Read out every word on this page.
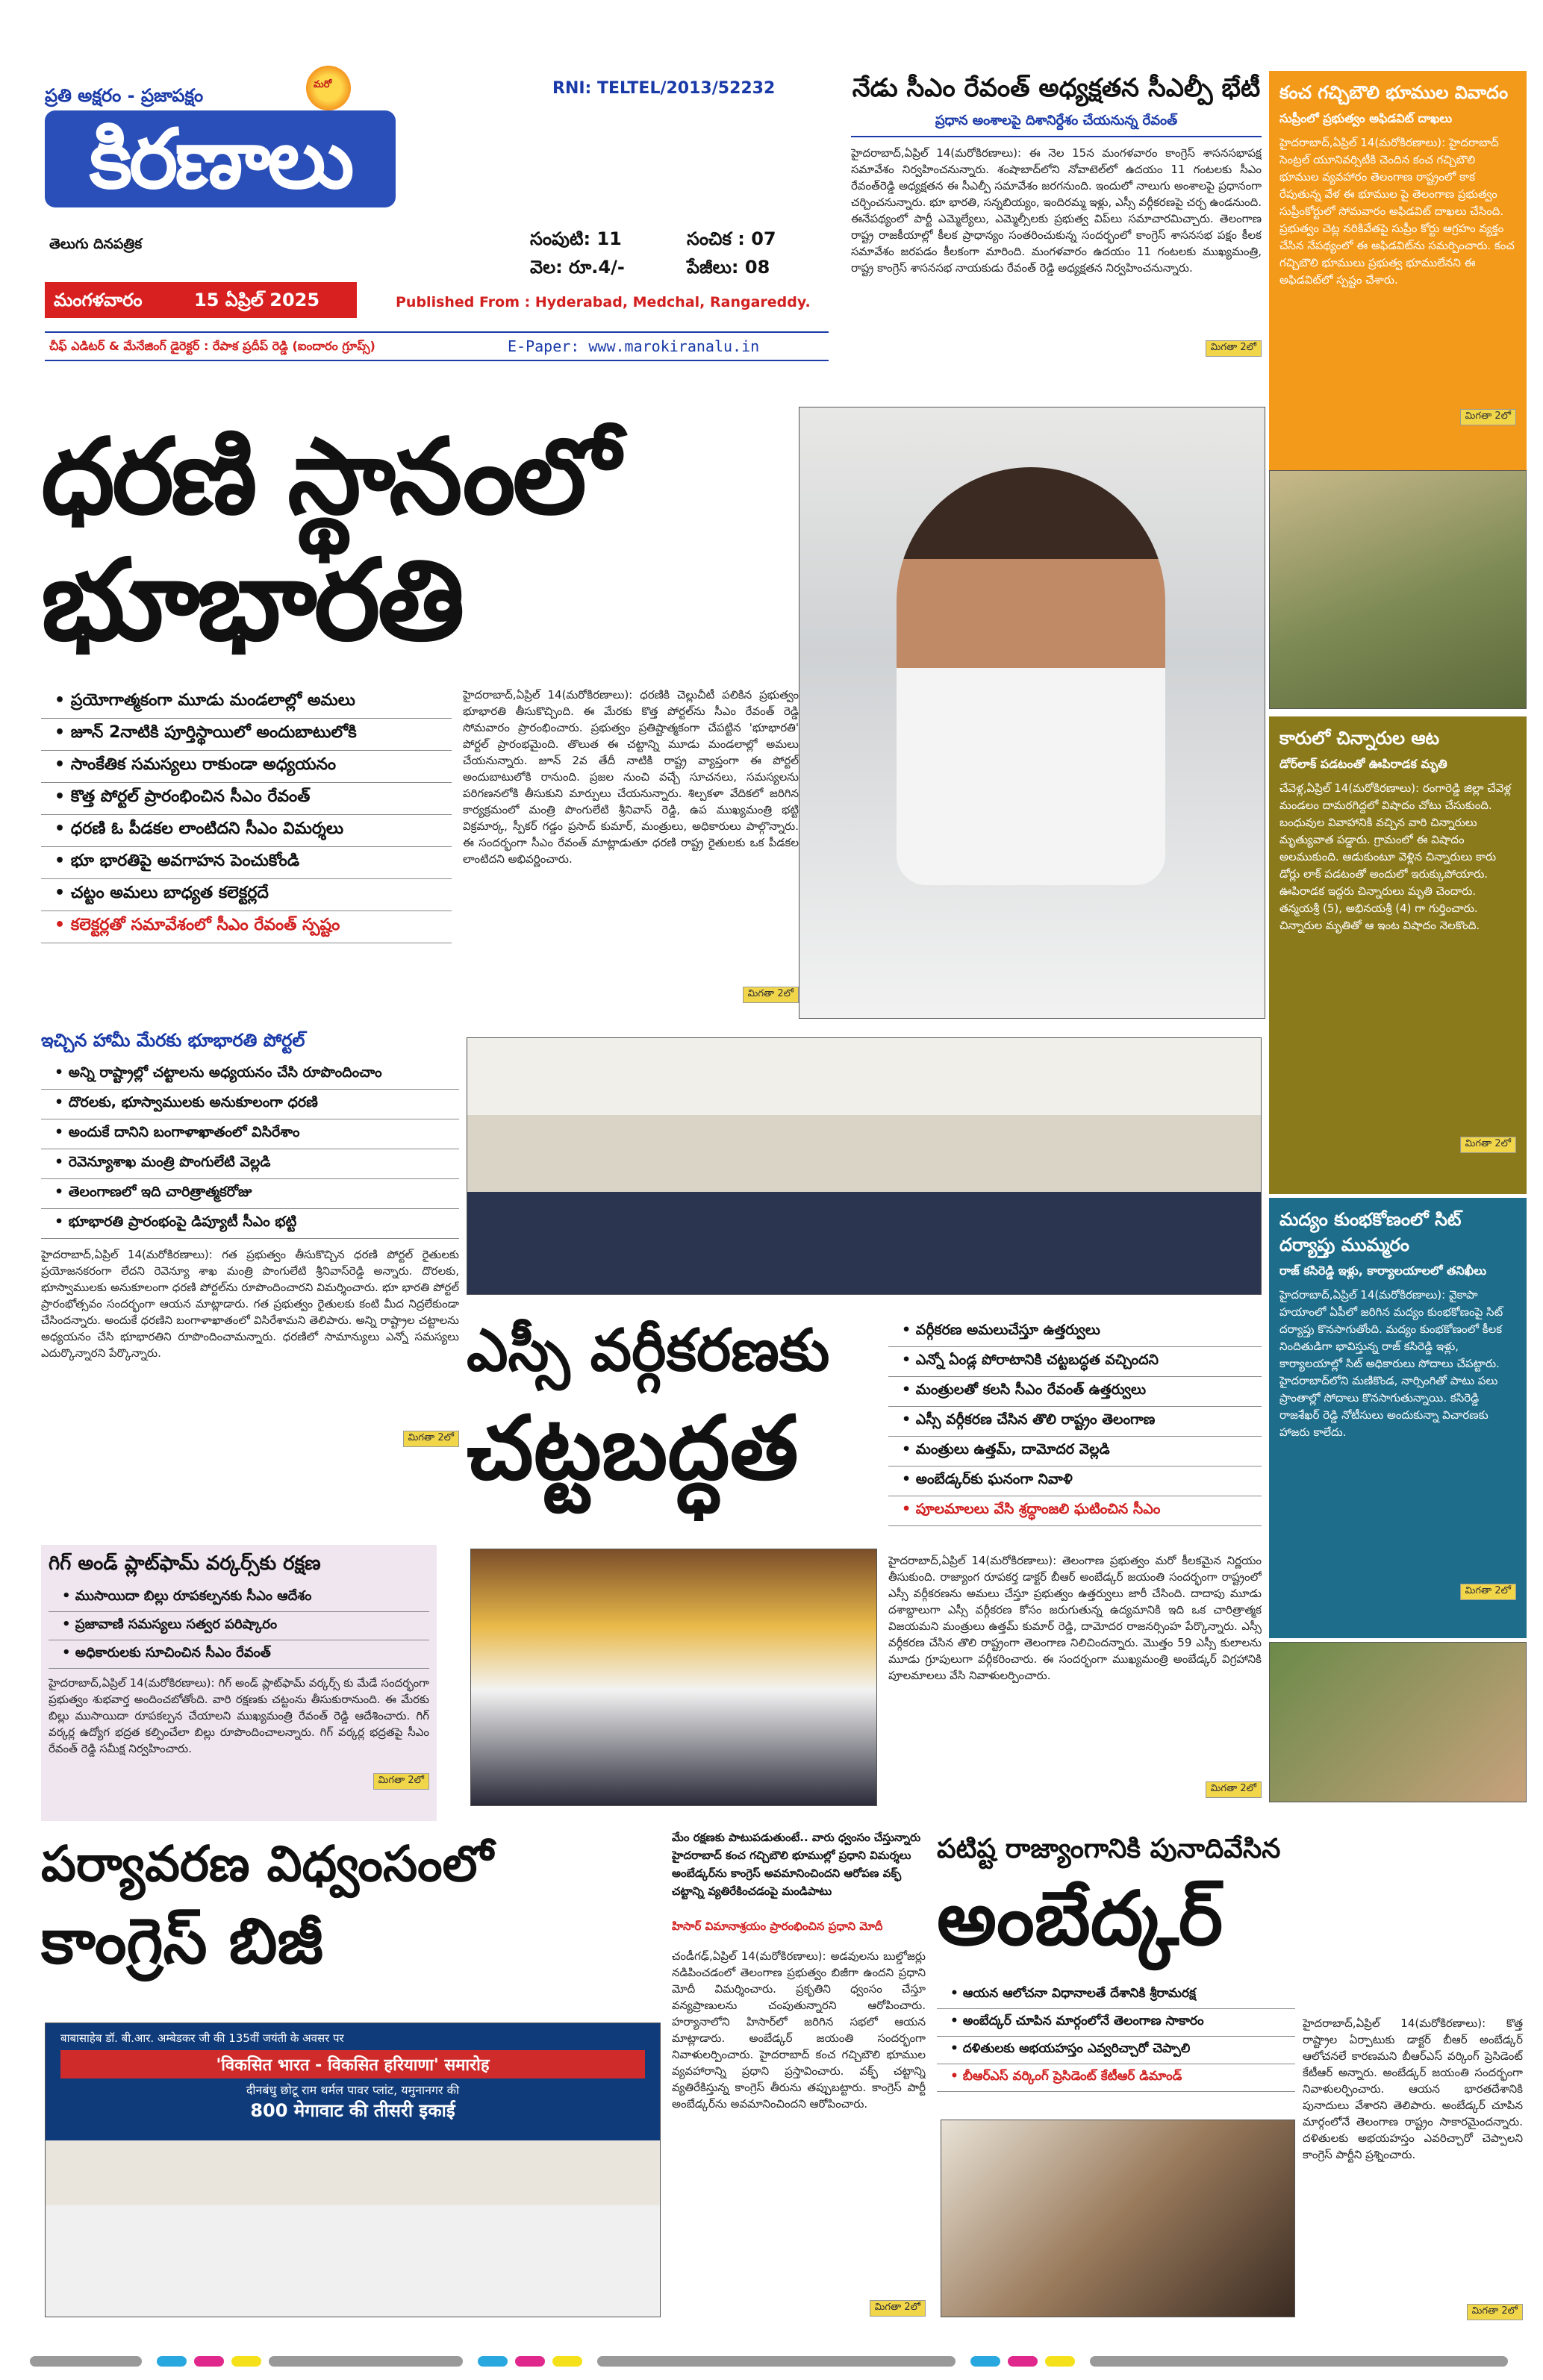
ప్రతి అక్షరం - ప్రజాపక్షం
మరో
కిరణాలు
తెలుగు దినపత్రిక
RNI: TELTEL/2013/52232
సంపుటి: 11	సంచిక : 07
వెల: రూ.4/-	పేజీలు: 08
మంగళవారం	15 ఏప్రిల్ 2025	Published From : Hyderabad, Medchal, Rangareddy.
చీఫ్ ఎడిటర్ & మేనేజింగ్ డైరెక్టర్ : రేపాక ప్రదీప్ రెడ్డి (ఐందారం గ్రూప్స్)	E-Paper: www.marokiranalu.in
నేడు సీఎం రేవంత్ అధ్యక్షతన సీఎల్పీ భేటీ
ప్రధాన అంశాలపై దిశానిర్దేశం చేయనున్న రేవంత్
హైదరాబాద్,ఏప్రిల్ 14(మరోకిరణాలు): ఈ నెల 15న మంగళవారం కాంగ్రెస్ శాసనసభాపక్ష సమావేశం నిర్వహించనున్నారు. శంషాబాద్‌లోని నోవాటెల్‌లో ఉదయం 11 గంటలకు సీఎం రేవంత్‌రెడ్డి అధ్యక్షతన ఈ సీఎల్పీ సమావేశం జరగనుంది. ఇందులో నాలుగు అంశాలపై ప్రధానంగా చర్చించనున్నారు. భూ భారతి, సన్నబియ్యం, ఇందిరమ్మ ఇళ్లు, ఎస్సీ వర్గీకరణపై చర్చ ఉండనుంది. ఈనేపథ్యంలో పార్టీ ఎమ్మెల్యేలు, ఎమ్మెల్సీలకు ప్రభుత్వ విప్‌లు సమాచారమిచ్చారు. తెలంగాణ రాష్ట్ర రాజకీయాల్లో కీలక ప్రాధాన్యం సంతరించుకున్న సందర్భంలో కాంగ్రెస్ శాసనసభ పక్షం కీలక సమావేశం జరపడం కీలకంగా మారింది. మంగళవారం ఉదయం 11 గంటలకు ముఖ్యమంత్రి, రాష్ట్ర కాంగ్రెస్ శాసనసభ నాయకుడు రేవంత్ రెడ్డి అధ్యక్షతన నిర్వహించనున్నారు.
మిగతా 2లో
కంచ గచ్చిబౌలి భూముల వివాదం
సుప్రీంలో ప్రభుత్వం అఫిడవిట్ దాఖలు
హైదరాబాద్,ఏప్రిల్ 14(మరోకిరణాలు): హైదరాబాద్ సెంట్రల్ యూనివర్సిటీకి చెందిన కంచ గచ్చిబౌలి భూముల వ్యవహారం తెలంగాణ రాష్ట్రంలో కాక రేపుతున్న వేళ ఈ భూముల పై తెలంగాణ ప్రభుత్వం సుప్రీంకోర్టులో సోమవారం అఫిడవిట్ దాఖలు చేసింది. ప్రభుత్వం చెట్ల నరికివేతపై సుప్రీం కోర్టు ఆగ్రహం వ్యక్తం చేసిన నేపథ్యంలో ఈ అఫిడవిట్‌ను సమర్పించారు. కంచ గచ్చిబౌలి భూములు ప్రభుత్వ భూములేనని ఈ అఫిడవిట్‌లో స్పష్టం చేశారు.
మిగతా 2లో
కారులో చిన్నారుల ఆట
డోర్‌లాక్ పడటంతో ఊపిరాడక మృతి
చేవెళ్ల,ఏప్రిల్ 14(మరోకిరణాలు): రంగారెడ్డి జిల్లా చేవెళ్ల మండలం దామరగిద్దలో విషాదం చోటు చేసుకుంది. బంధువుల వివాహానికి వచ్చిన వారి చిన్నారులు మృత్యువాత పడ్డారు. గ్రామంలో ఈ విషాదం అలముకుంది. ఆడుకుంటూ వెళ్లిన చిన్నారులు కారు డోర్లు లాక్ పడటంతో అందులో ఇరుక్కుపోయారు. ఊపిరాడక ఇద్దరు చిన్నారులు మృతి చెందారు. తన్మయశ్రీ (5), అభినయశ్రీ (4) గా గుర్తించారు. చిన్నారుల మృతితో ఆ ఇంట విషాదం నెలకొంది.
మిగతా 2లో
మద్యం కుంభకోణంలో సిట్ దర్యాప్తు ముమ్మరం
రాజ్ కసిరెడ్డి ఇళ్లు, కార్యాలయాలలో తనిఖీలు
హైదరాబాద్,ఏప్రిల్ 14(మరోకిరణాలు): వైకాపా హయాంలో ఏపీలో జరిగిన మద్యం కుంభకోణంపై సిట్ దర్యాప్తు కొనసాగుతోంది. మద్యం కుంభకోణంలో కీలక నిందితుడిగా భావిస్తున్న రాజ్ కసిరెడ్డి ఇళ్లు, కార్యాలయాల్లో సిట్ అధికారులు సోదాలు చేపట్టారు. హైదరాబాద్‌లోని మణికొండ, నార్సింగితో పాటు పలు ప్రాంతాల్లో సోదాలు కొనసాగుతున్నాయి. కసిరెడ్డి రాజశేఖర్ రెడ్డి నోటీసులు అందుకున్నా విచారణకు హాజరు కాలేదు.
మిగతా 2లో
ధరణి స్థానంలో
భూభారతి
• ప్రయోగాత్మకంగా మూడు మండలాల్లో అమలు
• జూన్ 2నాటికి పూర్తిస్థాయిలో అందుబాటులోకి
• సాంకేతిక సమస్యలు రాకుండా అధ్యయనం
• కొత్త పోర్టల్ ప్రారంభించిన సీఎం రేవంత్
• ధరణి ఓ పీడకల లాంటిదని సీఎం విమర్శలు
• భూ భారతిపై అవగాహన పెంచుకోండి
• చట్టం అమలు బాధ్యత కలెక్టర్లదే
• కలెక్టర్లతో సమావేశంలో సీఎం రేవంత్ స్పష్టం
హైదరాబాద్,ఏప్రిల్ 14(మరోకిరణాలు): ధరణికి చెల్లుచీటీ పలికిన ప్రభుత్వం భూభారతి తీసుకొచ్చింది. ఈ మేరకు కొత్త పోర్టల్‌ను సీఎం రేవంత్ రెడ్డి సోమవారం ప్రారంభించారు. ప్రభుత్వం ప్రతిష్టాత్మకంగా చేపట్టిన 'భూభారతి' పోర్టల్ ప్రారంభమైంది. తొలుత ఈ చట్టాన్ని మూడు మండలాల్లో అమలు చేయనున్నారు. జూన్ 2వ తేదీ నాటికి రాష్ట్ర వ్యాప్తంగా ఈ పోర్టల్ అందుబాటులోకి రానుంది. ప్రజల నుంచి వచ్చే సూచనలు, సమస్యలను పరిగణనలోకి తీసుకుని మార్పులు చేయనున్నారు. శిల్పకళా వేదికలో జరిగిన కార్యక్రమంలో మంత్రి పొంగులేటి శ్రీనివాస్ రెడ్డి, ఉప ముఖ్యమంత్రి భట్టి విక్రమార్క, స్పీకర్ గడ్డం ప్రసాద్ కుమార్, మంత్రులు, అధికారులు పాల్గొన్నారు. ఈ సందర్భంగా సీఎం రేవంత్ మాట్లాడుతూ ధరణి రాష్ట్ర రైతులకు ఒక పీడకల లాంటిదని అభివర్ణించారు.
మిగతా 2లో
ఇచ్చిన హామీ మేరకు భూభారతి పోర్టల్
• అన్ని రాష్ట్రాల్లో చట్టాలను అధ్యయనం చేసి రూపొందించాం
• దొరలకు, భూస్వాములకు అనుకూలంగా ధరణి
• అందుకే దానిని బంగాళాఖాతంలో విసిరేశాం
• రెవెన్యూశాఖ మంత్రి పొంగులేటి వెల్లడి
• తెలంగాణలో ఇది చారిత్రాత్మకరోజు
• భూభారతి ప్రారంభంపై డిప్యూటీ సీఎం భట్టి
హైదరాబాద్,ఏప్రిల్ 14(మరోకిరణాలు): గత ప్రభుత్వం తీసుకొచ్చిన ధరణి పోర్టల్ రైతులకు ప్రయోజనకరంగా లేదని రెవెన్యూ శాఖ మంత్రి పొంగులేటి శ్రీనివాస్‌రెడ్డి అన్నారు. దొరలకు, భూస్వాములకు అనుకూలంగా ధరణి పోర్టల్‌ను రూపొందించారని విమర్శించారు. భూ భారతి పోర్టల్ ప్రారంభోత్సవం సందర్భంగా ఆయన మాట్లాడారు. గత ప్రభుత్వం రైతులకు కంటి మీద నిద్రలేకుండా చేసిందన్నారు. అందుకే ధరణిని బంగాళాఖాతంలో విసిరేశామని తెలిపారు. అన్ని రాష్ట్రాల చట్టాలను అధ్యయనం చేసి భూభారతిని రూపొందించామన్నారు. ధరణిలో సామాన్యులు ఎన్నో సమస్యలు ఎదుర్కొన్నారని పేర్కొన్నారు.
మిగతా 2లో
గిగ్ అండ్ ప్లాట్‌ఫామ్ వర్కర్స్‌కు రక్షణ
• ముసాయిదా బిల్లు రూపకల్పనకు సీఎం ఆదేశం
• ప్రజావాణి సమస్యలు సత్వర పరిష్కారం
• అధికారులకు సూచించిన సీఎం రేవంత్
హైదరాబాద్,ఏప్రిల్ 14(మరోకిరణాలు): గిగ్ అండ్ ప్లాట్‌ఫామ్ వర్కర్స్ కు మేడే సందర్భంగా ప్రభుత్వం శుభవార్త అందించబోతోంది. వారి రక్షణకు చట్టంను తీసుకురానుంది. ఈ మేరకు బిల్లు ముసాయిదా రూపకల్పన చేయాలని ముఖ్యమంత్రి రేవంత్ రెడ్డి ఆదేశించారు. గిగ్ వర్కర్ల ఉద్యోగ భద్రత కల్పించేలా బిల్లు రూపొందించాలన్నారు. గిగ్ వర్కర్ల భద్రతపై సీఎం రేవంత్ రెడ్డి సమీక్ష నిర్వహించారు.
మిగతా 2లో
ఎస్సీ వర్గీకరణకు
చట్టబద్ధత
• వర్గీకరణ అమలుచేస్తూ ఉత్తర్వులు
• ఎన్నో ఏండ్ల పోరాటానికి చట్టబద్ధత వచ్చిందని
• మంత్రులతో కలసి సీఎం రేవంత్ ఉత్తర్వులు
• ఎస్సీ వర్గీకరణ చేసిన తొలి రాష్ట్రం తెలంగాణ
• మంత్రులు ఉత్తమ్, దామోదర వెల్లడి
• అంబేడ్కర్‌కు ఘనంగా నివాళి
• పూలమాలలు వేసి శ్రద్ధాంజలి ఘటించిన సీఎం
హైదరాబాద్,ఏప్రిల్ 14(మరోకిరణాలు): తెలంగాణ ప్రభుత్వం మరో కీలకమైన నిర్ణయం తీసుకుంది. రాజ్యాంగ రూపకర్త డాక్టర్ బీఆర్ అంబేడ్కర్ జయంతి సందర్భంగా రాష్ట్రంలో ఎస్సీ వర్గీకరణను అమలు చేస్తూ ప్రభుత్వం ఉత్తర్వులు జారీ చేసింది. దాదాపు మూడు దశాబ్దాలుగా ఎస్సీ వర్గీకరణ కోసం జరుగుతున్న ఉద్యమానికి ఇది ఒక చారిత్రాత్మక విజయమని మంత్రులు ఉత్తమ్ కుమార్ రెడ్డి, దామోదర రాజనర్సింహ పేర్కొన్నారు. ఎస్సీ వర్గీకరణ చేసిన తొలి రాష్ట్రంగా తెలంగాణ నిలిచిందన్నారు. మొత్తం 59 ఎస్సీ కులాలను మూడు గ్రూపులుగా వర్గీకరించారు. ఈ సందర్భంగా ముఖ్యమంత్రి అంబేడ్కర్ విగ్రహానికి పూలమాలలు వేసి నివాళులర్పించారు.
మిగతా 2లో
పర్యావరణ విధ్వంసంలో
కాంగ్రెస్ బిజీ
మేం రక్షణకు పాటుపడుతుంటే.. వారు ధ్వంసం చేస్తున్నారు హైదరాబాద్ కంచ గచ్చిబౌలి భూముల్లో ప్రధాని విమర్శలు అంబేడ్కర్‌ను కాంగ్రెస్ అవమానించిందని ఆరోపణ వక్ఫ్ చట్టాన్ని వ్యతిరేకించడంపై మండిపాటు
హిసార్ విమానాశ్రయం ప్రారంభించిన ప్రధాని మోదీ
बाबासाहेब डॉ. बी.आर. अम्बेडकर जी की 135वीं जयंती के अवसर पर
'विकसित भारत - विकसित हरियाणा' समारोह
दीनबंधु छोटू राम थर्मल पावर प्लांट, यमुनानगर की
800 मेगावाट की तीसरी इकाई
చండీగఢ్,ఏప్రిల్ 14(మరోకిరణాలు): అడవులను బుల్డోజర్లు నడిపించడంలో తెలంగాణ ప్రభుత్వం బిజీగా ఉందని ప్రధాని మోదీ విమర్శించారు. ప్రకృతిని ధ్వంసం చేస్తూ వన్యప్రాణులను చంపుతున్నారని ఆరోపించారు. హర్యానాలోని హిసార్‌లో జరిగిన సభలో ఆయన మాట్లాడారు. అంబేడ్కర్ జయంతి సందర్భంగా నివాళులర్పించారు. హైదరాబాద్ కంచ గచ్చిబౌలి భూముల వ్యవహారాన్ని ప్రధాని ప్రస్తావించారు. వక్ఫ్ చట్టాన్ని వ్యతిరేకిస్తున్న కాంగ్రెస్ తీరును తప్పుబట్టారు. కాంగ్రెస్ పార్టీ అంబేడ్కర్‌ను అవమానించిందని ఆరోపించారు.
మిగతా 2లో
పటిష్ట రాజ్యాంగానికి పునాదివేసిన
అంబేద్కర్
• ఆయన ఆలోచనా విధానాలతే దేశానికి శ్రీరామరక్ష
• అంబేద్కర్ చూపిన మార్గంలోనే తెలంగాణ సాకారం
• దళితులకు అభయహస్తం ఎవ్వరిచ్చారో చెప్పాలి
• బీఆర్ఎస్ వర్కింగ్ ప్రెసిడెంట్ కేటీఆర్ డిమాండ్
హైదరాబాద్,ఏప్రిల్ 14(మరోకిరణాలు): కొత్త రాష్ట్రాల ఏర్పాటుకు డాక్టర్ బీఆర్ అంబేడ్కర్ ఆలోచనలే కారణమని బీఆర్ఎస్ వర్కింగ్ ప్రెసిడెంట్ కేటీఆర్ అన్నారు. అంబేడ్కర్ జయంతి సందర్భంగా నివాళులర్పించారు. ఆయన భారతదేశానికి పునాదులు వేశారని తెలిపారు. అంబేడ్కర్ చూపిన మార్గంలోనే తెలంగాణ రాష్ట్రం సాకారమైందన్నారు. దళితులకు అభయహస్తం ఎవరిచ్చారో చెప్పాలని కాంగ్రెస్ పార్టీని ప్రశ్నించారు.
మిగతా 2లో
